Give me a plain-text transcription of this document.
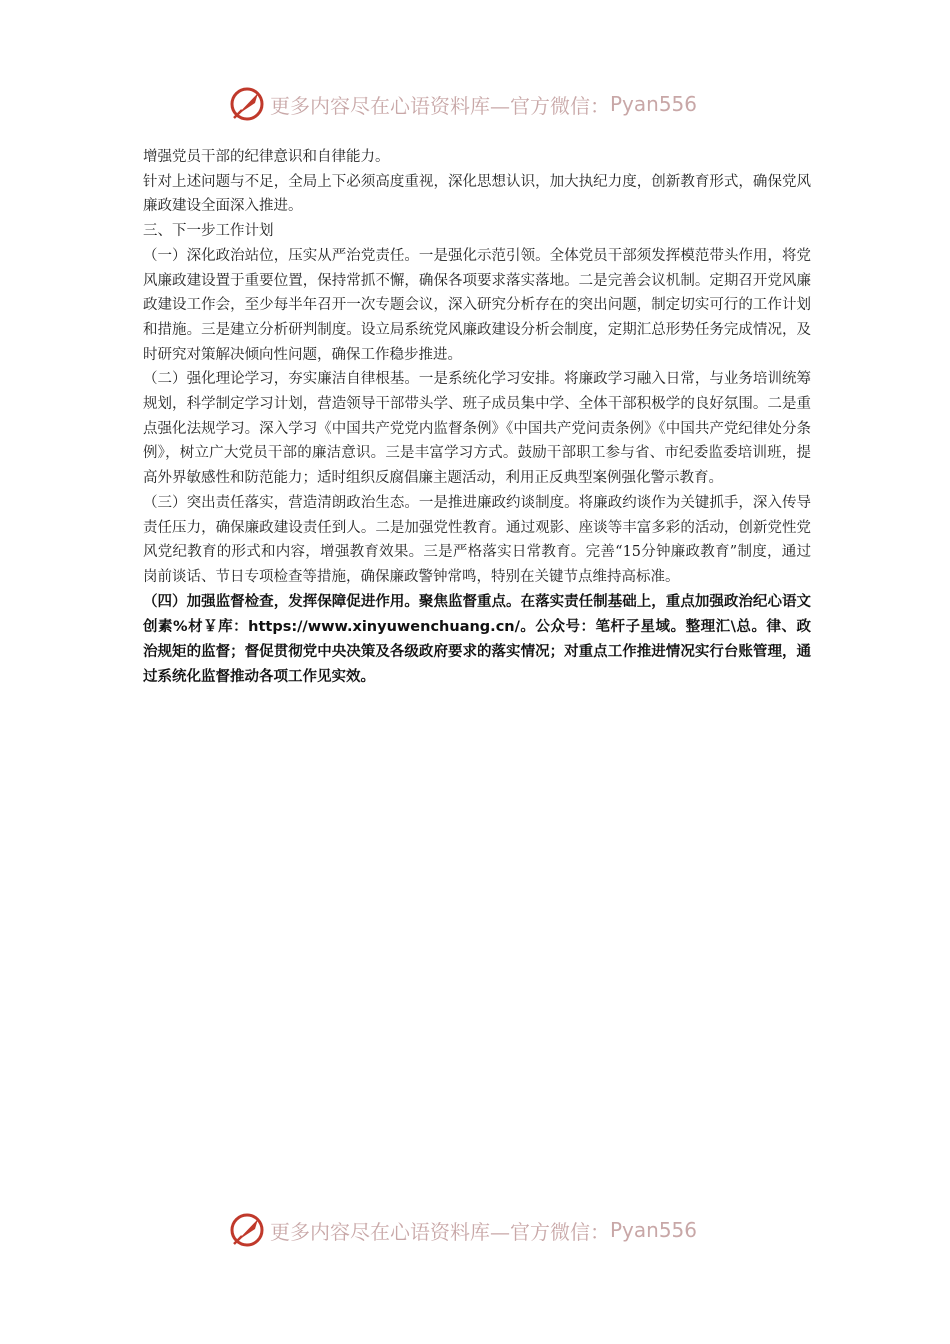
更多内容尽在心语资料库—官方微信： Pyan556

增强党员干部的纪律意识和自律能力。

针对上述问题与不足，全局上下必须高度重视，深化思想认识，加大执纪力度，创新教育形式，确保党风廉政建设全面深入推进。

三、下一步工作计划

（一）深化政治站位，压实从严治党责任。一是强化示范引领。全体党员干部须发挥模范带头作用，将党风廉政建设置于重要位置，保持常抓不懈，确保各项要求落实落地。二是完善会议机制。定期召开党风廉政建设工作会，至少每半年召开一次专题会议，深入研究分析存在的突出问题，制定切实可行的工作计划和措施。三是建立分析研判制度。设立局系统党风廉政建设分析会制度，定期汇总形势任务完成情况，及时研究对策解决倾向性问题，确保工作稳步推进。

（二）强化理论学习，夯实廉洁自律根基。一是系统化学习安排。将廉政学习融入日常，与业务培训统筹规划，科学制定学习计划，营造领导干部带头学、班子成员集中学、全体干部积极学的良好氛围。二是重点强化法规学习。深入学习《中国共产党党内监督条例》《中国共产党问责条例》《中国共产党纪律处分条例》，树立广大党员干部的廉洁意识。三是丰富学习方式。鼓励干部职工参与省、市纪委监委培训班，提高外界敏感性和防范能力；适时组织反腐倡廉主题活动，利用正反典型案例强化警示教育。

（三）突出责任落实，营造清朗政治生态。一是推进廉政约谈制度。将廉政约谈作为关键抓手，深入传导责任压力，确保廉政建设责任到人。二是加强党性教育。通过观影、座谈等丰富多彩的活动，创新党性党风党纪教育的形式和内容，增强教育效果。三是严格落实日常教育。完善“15分钟廉政教育”制度，通过岗前谈话、节日专项检查等措施，确保廉政警钟常鸣，特别在关键节点维持高标准。

（四）加强监督检查，发挥保障促进作用。聚焦监督重点。在落实责任制基础上，重点加强政治纪心语文创素%材￥库：https://www.xinyuwenchuang.cn/。公众号：笔杆子星域。整理汇\总。律、政治规矩的监督；督促贯彻党中央决策及各级政府要求的落实情况；对重点工作推进情况实行台账管理，通过系统化监督推动各项工作见实效。

更多内容尽在心语资料库—官方微信： Pyan556
